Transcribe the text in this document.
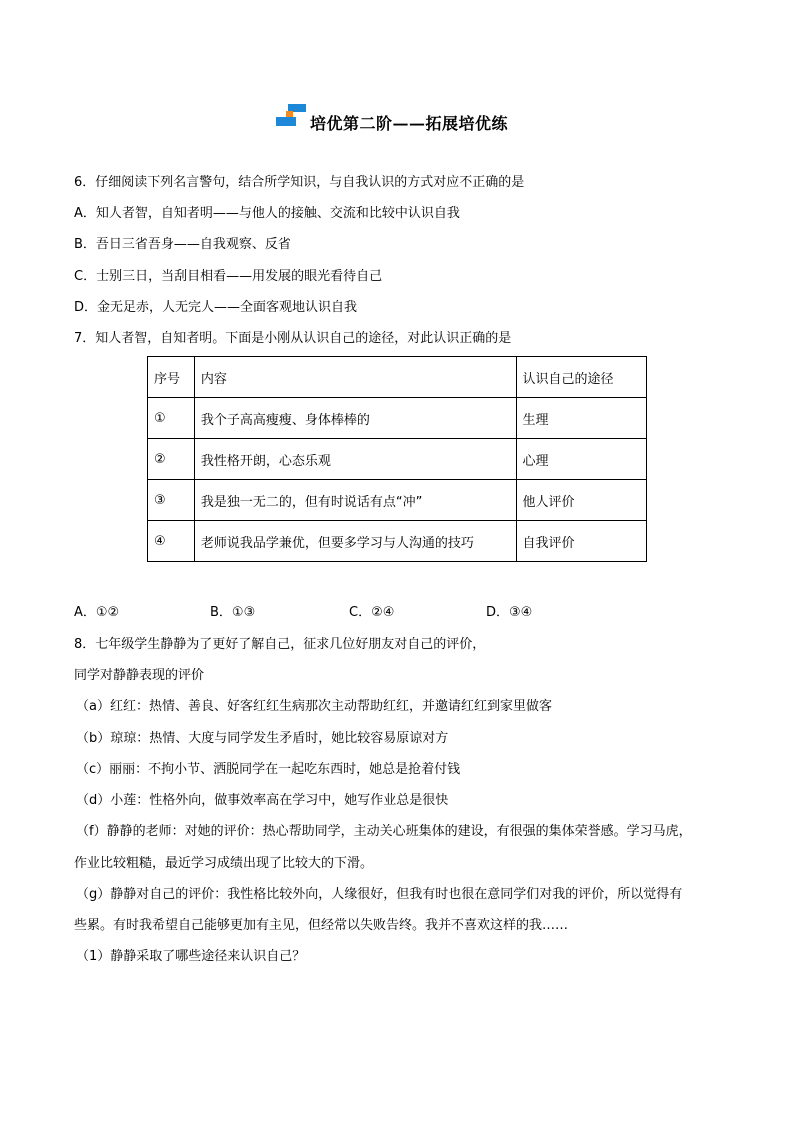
培优第二阶——拓展培优练
6．仔细阅读下列名言警句，结合所学知识，与自我认识的方式对应不正确的是
A．知人者智，自知者明——与他人的接触、交流和比较中认识自我
B．吾日三省吾身——自我观察、反省
C．士别三日，当刮目相看——用发展的眼光看待自己
D．金无足赤，人无完人——全面客观地认识自我
7．知人者智，自知者明。下面是小刚从认识自己的途径，对此认识正确的是
序号	内容	认识自己的途径
①	我个子高高瘦瘦、身体棒棒的	生理
②	我性格开朗，心态乐观	心理
③	我是独一无二的，但有时说话有点“冲”	他人评价
④	老师说我品学兼优，但要多学习与人沟通的技巧	自我评价
A．①②	B．①③	C．②④	D．③④
8．七年级学生静静为了更好了解自己，征求几位好朋友对自己的评价，
同学对静静表现的评价
（a）红红：热情、善良、好客红红生病那次主动帮助红红，并邀请红红到家里做客
（b）琼琼：热情、大度与同学发生矛盾时，她比较容易原谅对方
（c）丽丽：不拘小节、洒脱同学在一起吃东西时，她总是抢着付钱
（d）小莲：性格外向，做事效率高在学习中，她写作业总是很快
（f）静静的老师：对她的评价：热心帮助同学，主动关心班集体的建设，有很强的集体荣誉感。学习马虎，
作业比较粗糙，最近学习成绩出现了比较大的下滑。
（g）静静对自己的评价：我性格比较外向，人缘很好，但我有时也很在意同学们对我的评价，所以觉得有
些累。有时我希望自己能够更加有主见，但经常以失败告终。我并不喜欢这样的我……
（1）静静采取了哪些途径来认识自己？
